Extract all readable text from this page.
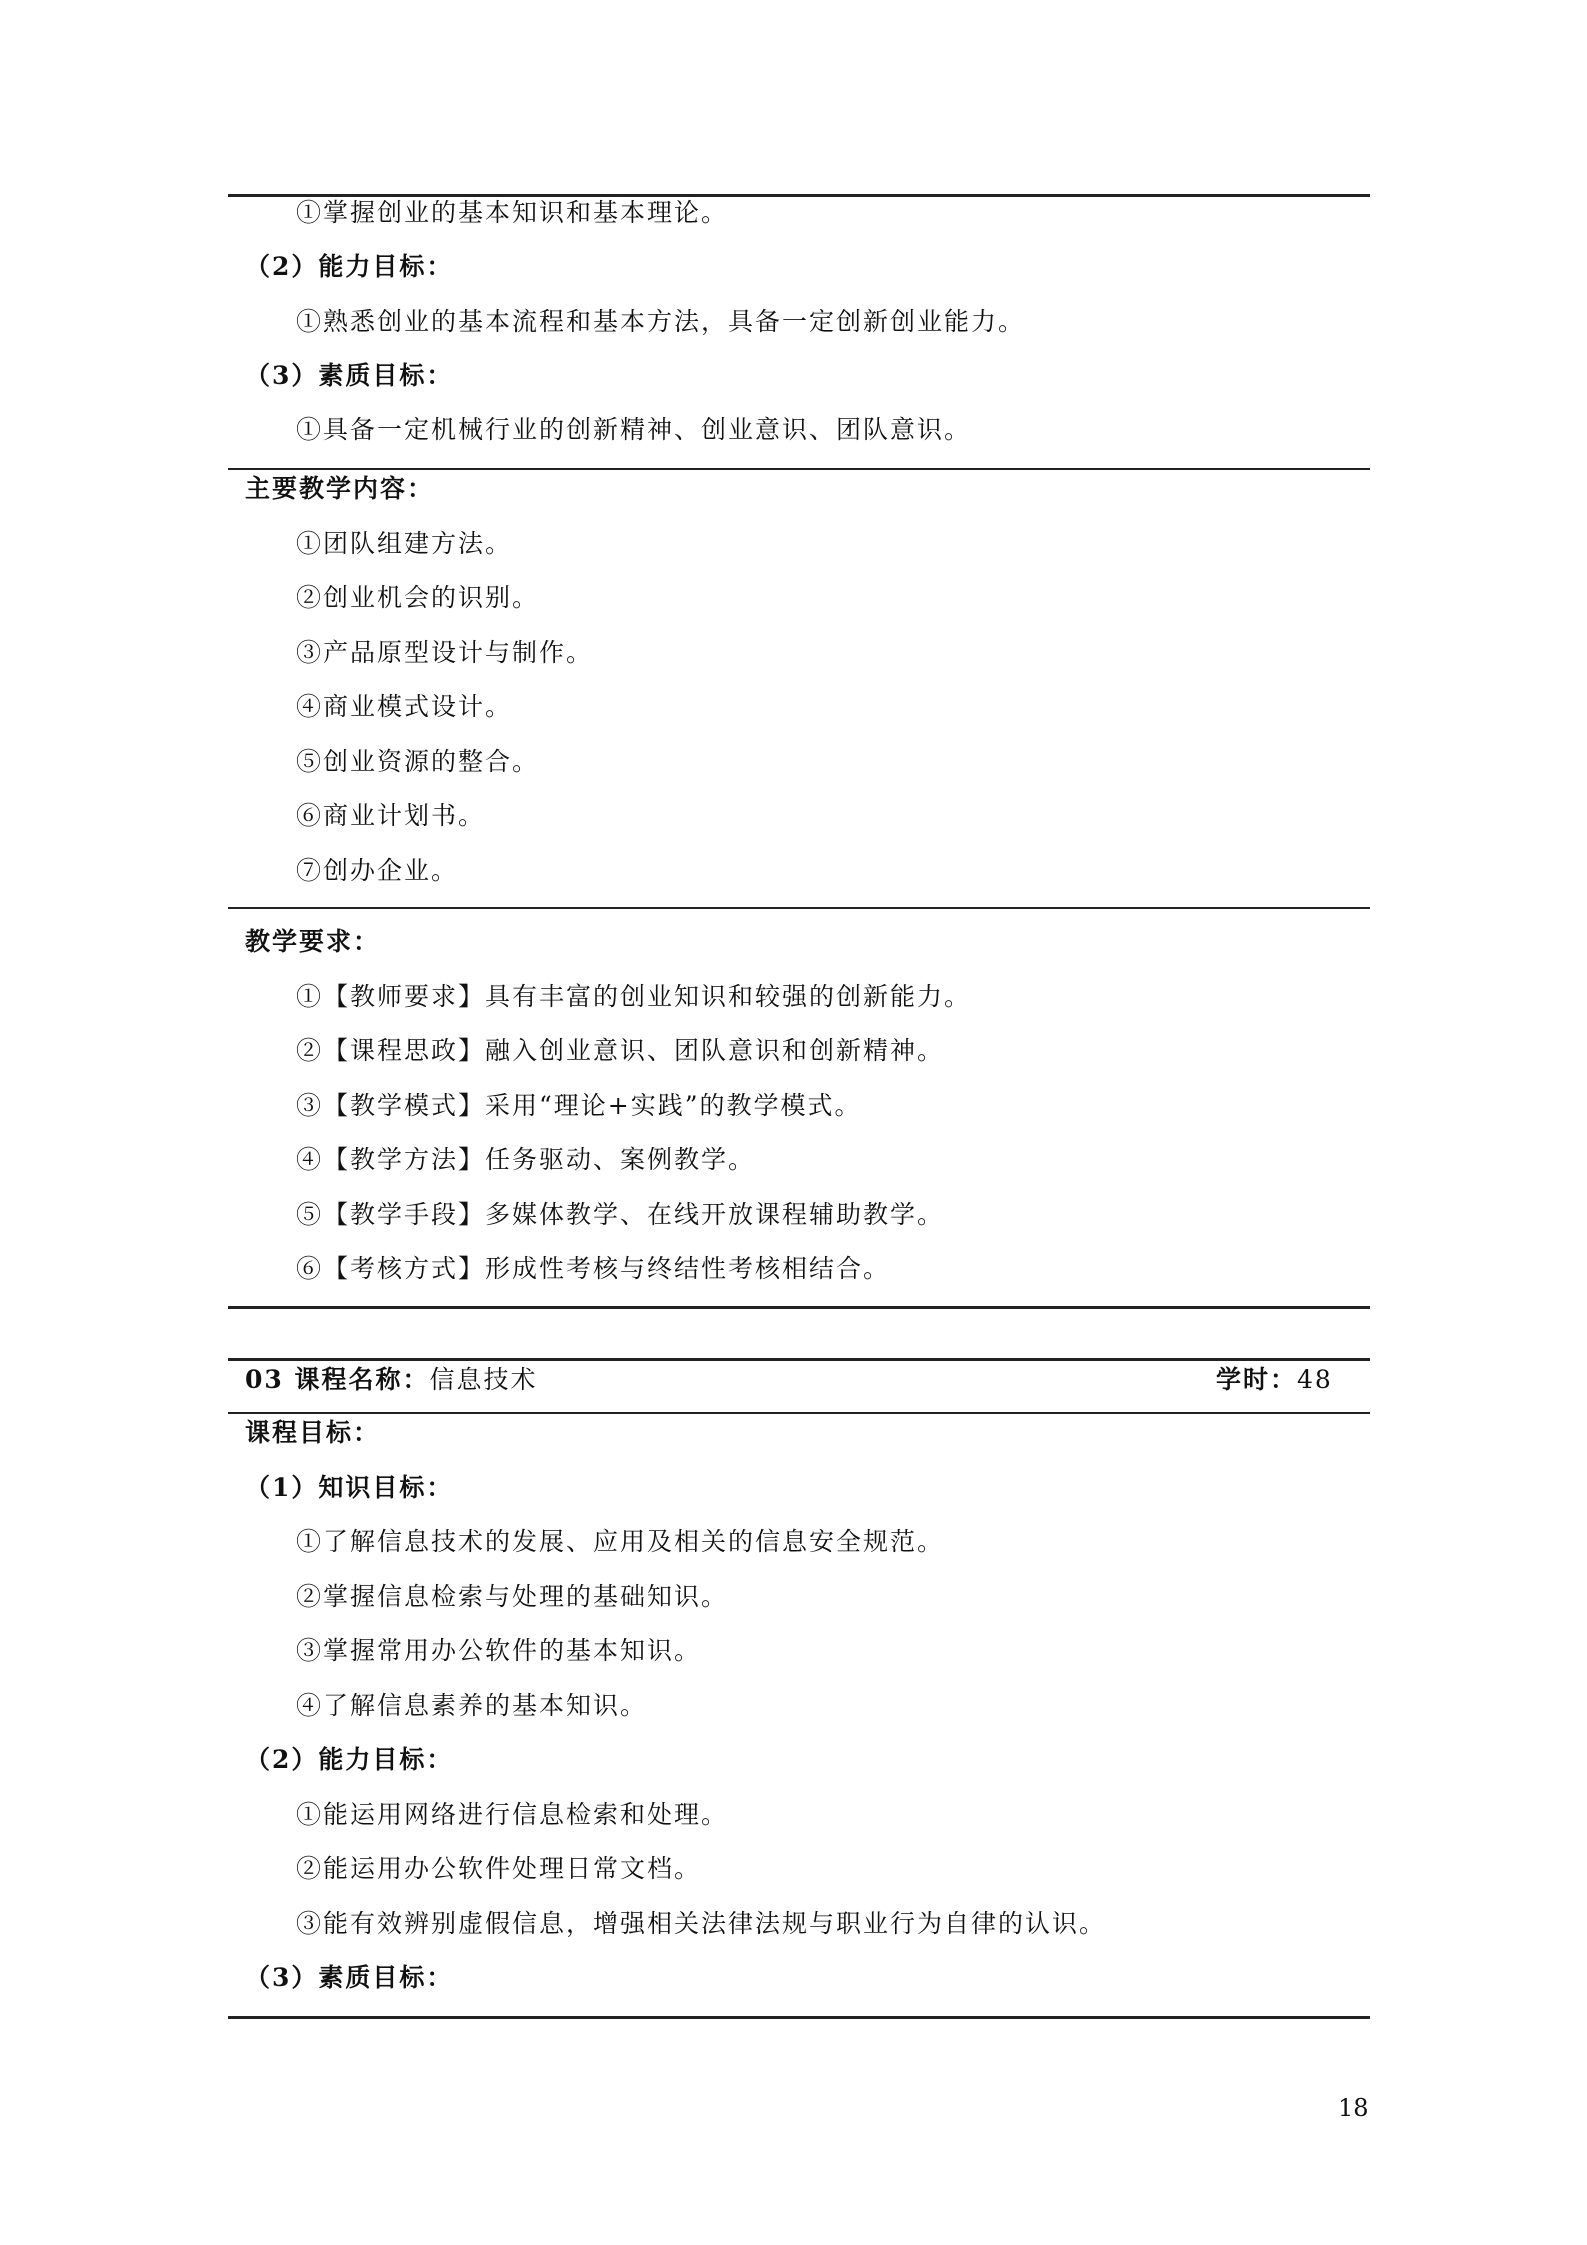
①掌握创业的基本知识和基本理论。
（2）能力目标：
①熟悉创业的基本流程和基本方法，具备一定创新创业能力。
（3）素质目标：
①具备一定机械行业的创新精神、创业意识、团队意识。
主要教学内容：
①团队组建方法。
②创业机会的识别。
③产品原型设计与制作。
④商业模式设计。
⑤创业资源的整合。
⑥商业计划书。
⑦创办企业。
教学要求：
①【教师要求】具有丰富的创业知识和较强的创新能力。
②【课程思政】融入创业意识、团队意识和创新精神。
③【教学模式】采用“理论+实践”的教学模式。
④【教学方法】任务驱动、案例教学。
⑤【教学手段】多媒体教学、在线开放课程辅助教学。
⑥【考核方式】形成性考核与终结性考核相结合。
03 课程名称：信息技术	学时：48
课程目标：
（1）知识目标：
①了解信息技术的发展、应用及相关的信息安全规范。
②掌握信息检索与处理的基础知识。
③掌握常用办公软件的基本知识。
④了解信息素养的基本知识。
（2）能力目标：
①能运用网络进行信息检索和处理。
②能运用办公软件处理日常文档。
③能有效辨别虚假信息，增强相关法律法规与职业行为自律的认识。
（3）素质目标：
18
